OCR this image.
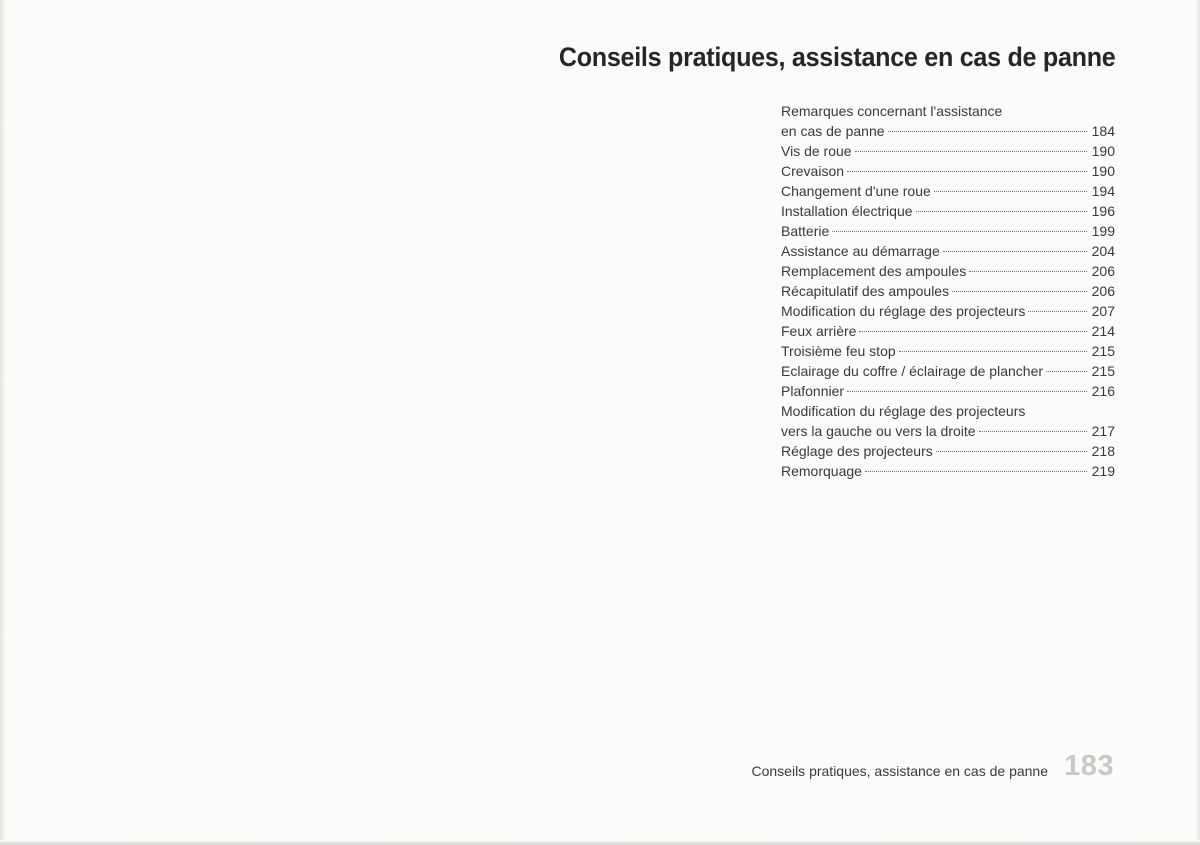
Conseils pratiques, assistance en cas de panne
Remarques concernant l'assistance
en cas de panne	184
Vis de roue	190
Crevaison	190
Changement d'une roue	194
Installation électrique	196
Batterie	199
Assistance au démarrage	204
Remplacement des ampoules	206
Récapitulatif des ampoules	206
Modification du réglage des projecteurs	207
Feux arrière	214
Troisième feu stop	215
Eclairage du coffre / éclairage de plancher	215
Plafonnier	216
Modification du réglage des projecteurs
vers la gauche ou vers la droite	217
Réglage des projecteurs	218
Remorquage	219
Conseils pratiques, assistance en cas de panne 183
